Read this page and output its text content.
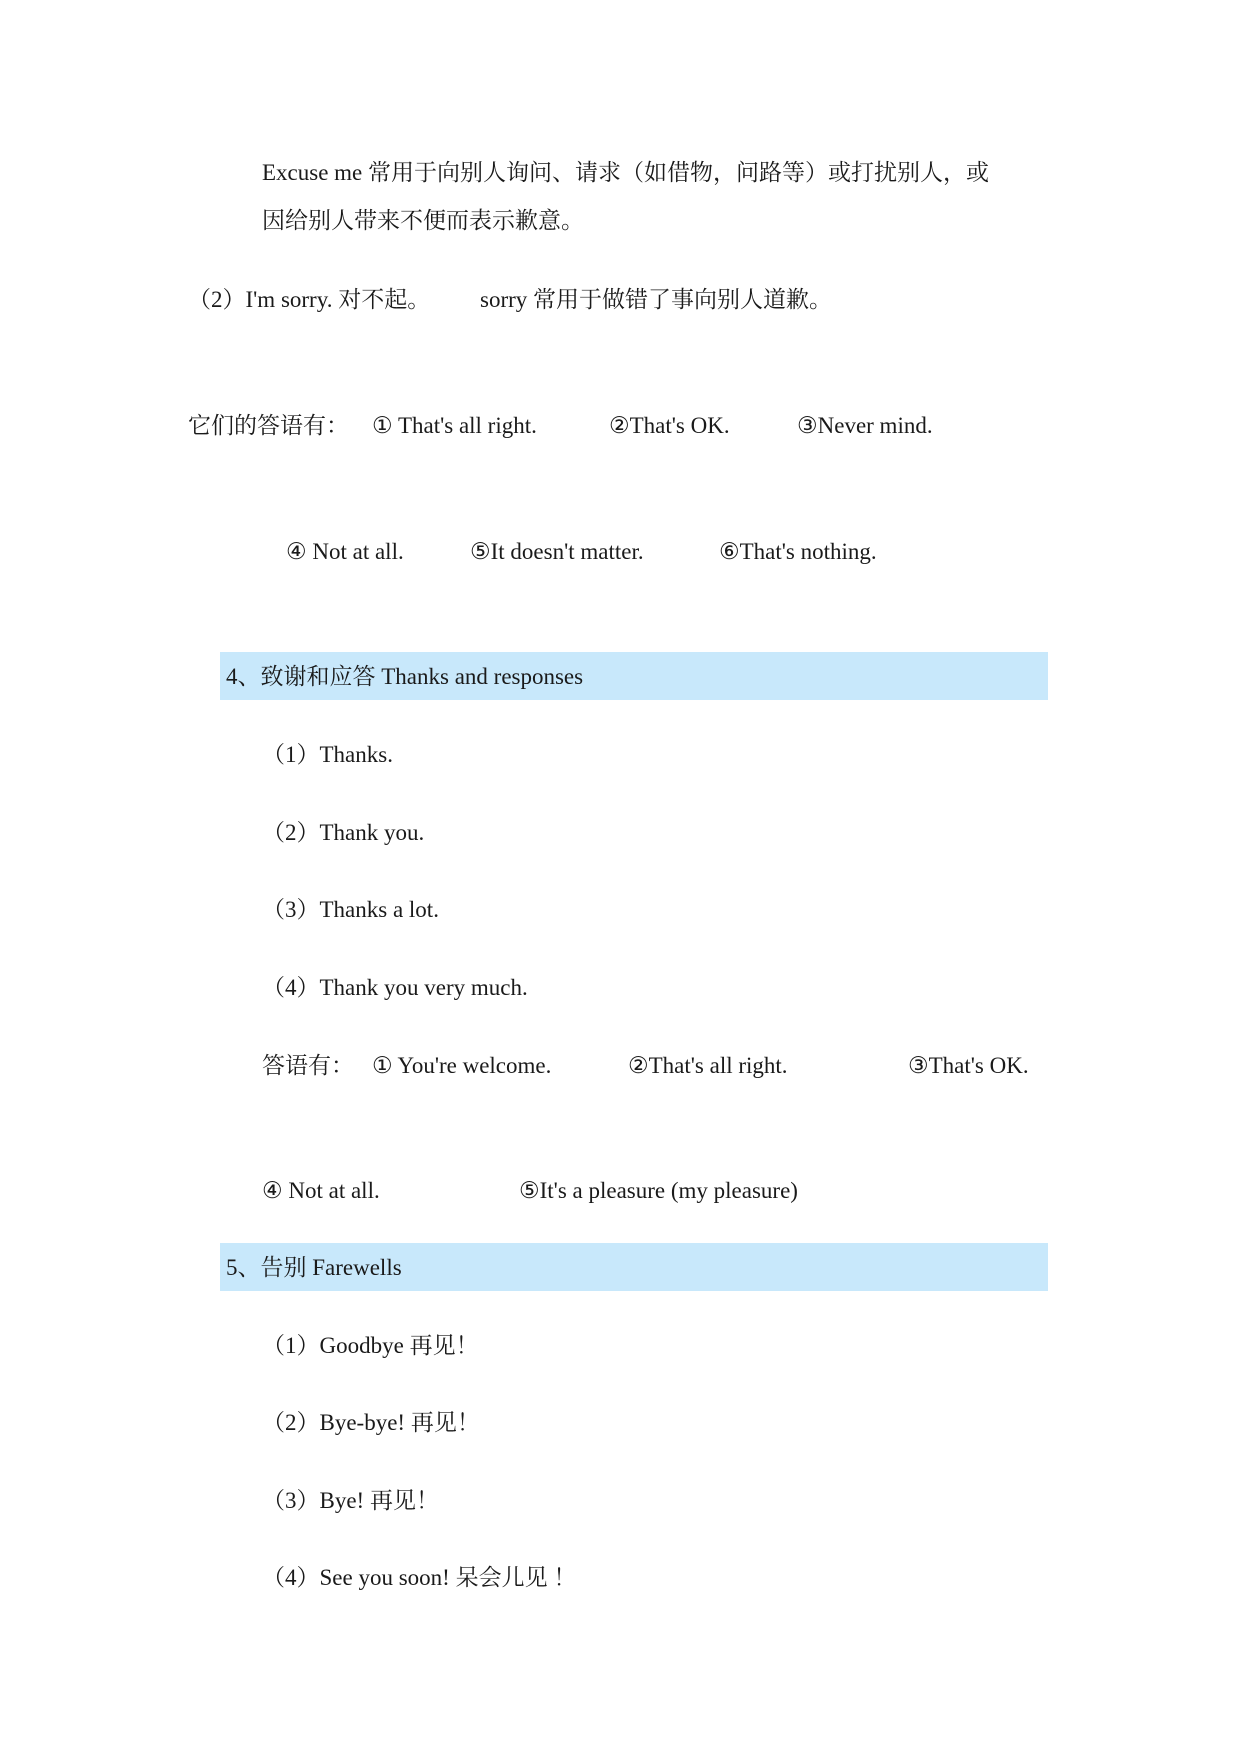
Excuse me 常用于向别人询问、请求（如借物，问路等）或打扰别人，或
因给别人带来不便而表示歉意。
（2）I'm sorry. 对不起。 sorry 常用于做错了事向别人道歉。
它们的答语有： ① That's all right.	②That's OK.	③Never mind.
④ Not at all.	⑤It doesn't matter.	⑥That's nothing.
4、致谢和应答 Thanks and responses
（1）Thanks.
（2）Thank you.
（3）Thanks a lot.
（4）Thank you very much.
答语有： ① You're welcome.	②That's all right.	③That's OK.
④ Not at all.	⑤It's a pleasure (my pleasure)
5、告别 Farewells
（1）Goodbye 再见！
（2）Bye-bye! 再见！
（3）Bye! 再见！
（4）See you soon! 呆会儿见 ！
